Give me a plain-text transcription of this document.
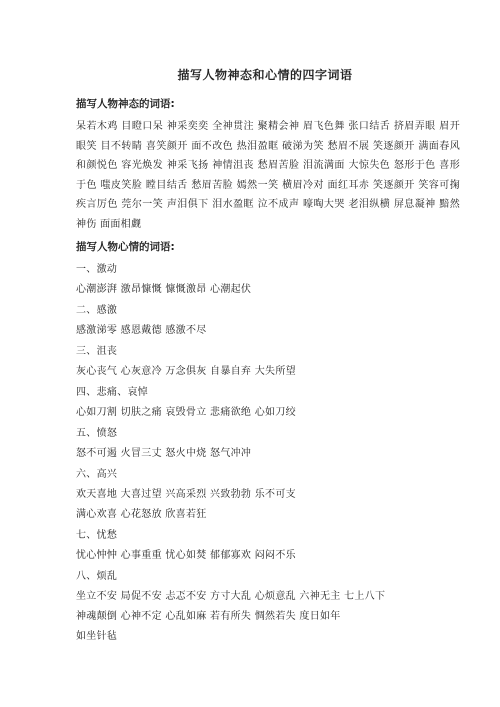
描写人物神态和心情的四字词语
描写人物神态的词语:
呆若木鸡 目瞪口呆 神采奕奕 全神贯注 聚精会神 眉飞色舞 张口结舌 挤眉弄眼 眉开眼笑 目不转睛 喜笑颜开 面不改色 热泪盈眶 破涕为笑 愁眉不展 笑逐颜开 满面春风 和颜悦色 容光焕发 神采飞扬 神情沮丧 愁眉苦脸 泪流满面 大惊失色 怒形于色 喜形于色 嗤皮笑脸 瞠目结舌 愁眉苦脸 嫣然一笑 横眉冷对 面红耳赤 笑逐颜开 笑容可掬 疾言厉色 莞尔一笑 声泪俱下 泪水盈眶 泣不成声 嚎啕大哭 老泪纵横 屏息凝神 黯然神伤 面面相觑
描写人物心情的词语:
一、激动
心潮澎湃 激昂慷慨 慷慨激昂 心潮起伏
二、感激
感激涕零 感恩戴德 感激不尽
三、沮丧
灰心丧气 心灰意冷 万念俱灰 自暴自弃 大失所望
四、悲痛、哀悼
心如刀割 切肤之痛 哀毁骨立 悲痛欲绝 心如刀绞
五、愤怒
怒不可遏 火冒三丈 怒火中烧 怒气冲冲
六、高兴
欢天喜地 大喜过望 兴高采烈 兴致勃勃 乐不可支
满心欢喜 心花怒放 欣喜若狂
七、忧愁
忧心忡忡 心事重重 忧心如焚 郁郁寡欢 闷闷不乐
八、烦乱
坐立不安 局促不安 忐忑不安 方寸大乱 心烦意乱 六神无主 七上八下
神魂颠倒 心神不定 心乱如麻 若有所失 惆然若失 度日如年
如坐针毡
